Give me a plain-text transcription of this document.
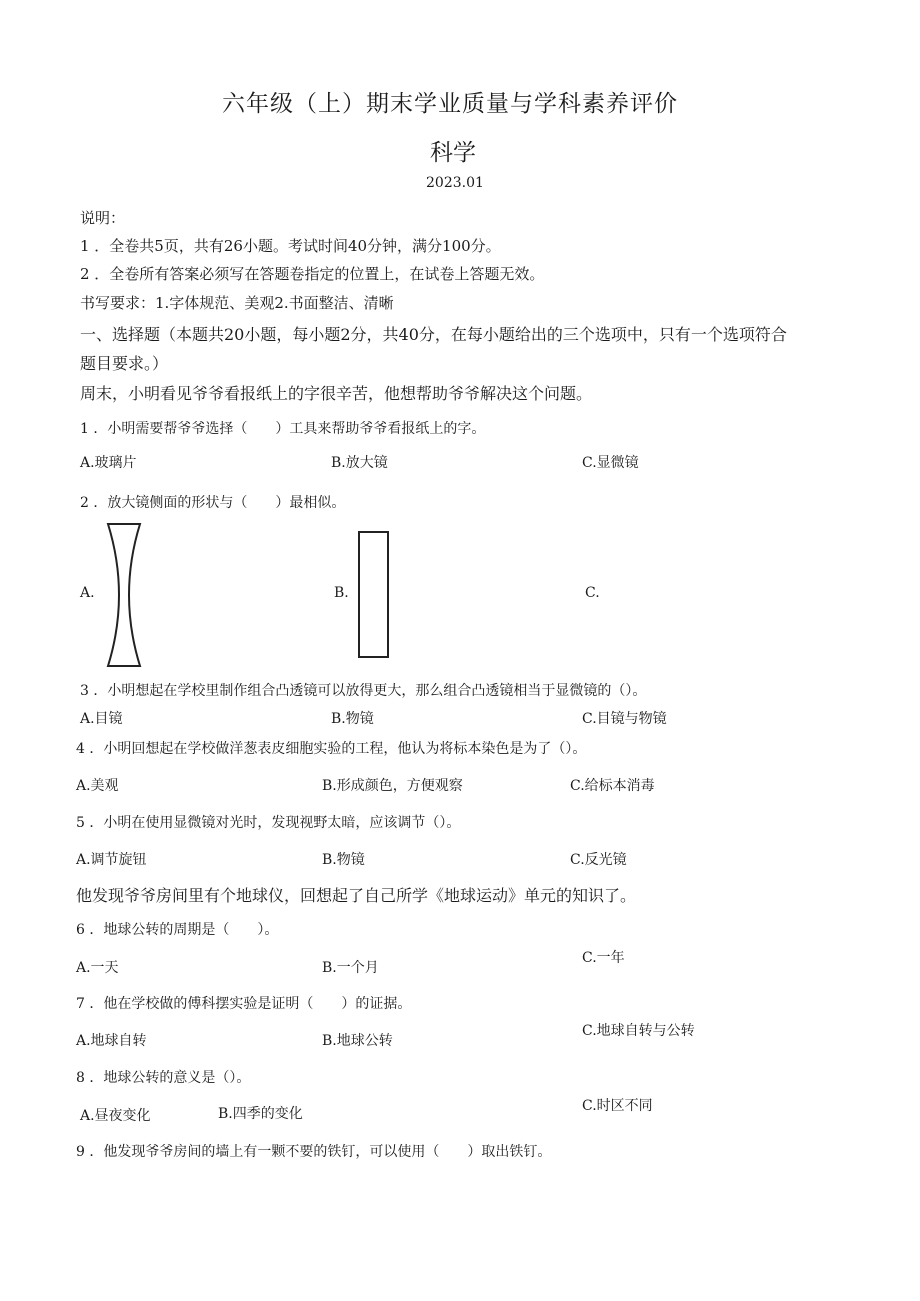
六年级（上）期末学业质量与学科素养评价
科学
2023.01
说明：
1 ．全卷共5页，共有26小题。考试时间40分钟，满分100分。
2 ．全卷所有答案必须写在答题卷指定的位置上，在试卷上答题无效。
书写要求：1.字体规范、美观2.书面整洁、清晰
一、选择题（本题共20小题，每小题2分，共40分，在每小题给出的三个选项中，只有一个选项符合
题目要求。）
周末，小明看见爷爷看报纸上的字很辛苦，他想帮助爷爷解决这个问题。
1 ．小明需要帮爷爷选择（　　）工具来帮助爷爷看报纸上的字。
A.玻璃片	B.放大镜	C.显微镜
2 ．放大镜侧面的形状与（　　）最相似。
A.	B.	C.
3 ．小明想起在学校里制作组合凸透镜可以放得更大，那么组合凸透镜相当于显微镜的（）。
A.目镜	B.物镜	C.目镜与物镜
4 ．小明回想起在学校做洋葱表皮细胞实验的工程，他认为将标本染色是为了（）。
A.美观	B.形成颜色，方便观察	C.给标本消毒
5 ．小明在使用显微镜对光时，发现视野太暗，应该调节（）。
A.调节旋钮	B.物镜	C.反光镜
他发现爷爷房间里有个地球仪，回想起了自己所学《地球运动》单元的知识了。
6 ．地球公转的周期是（　　）。
A.一天	B.一个月
C.一年
7 ．他在学校做的傅科摆实验是证明（　　）的证据。
A.地球自转	B.地球公转
C.地球自转与公转
8 ．地球公转的意义是（）。
A.昼夜变化	B.四季的变化	C.时区不同
9 ．他发现爷爷房间的墙上有一颗不要的铁钉，可以使用（　　）取出铁钉。
